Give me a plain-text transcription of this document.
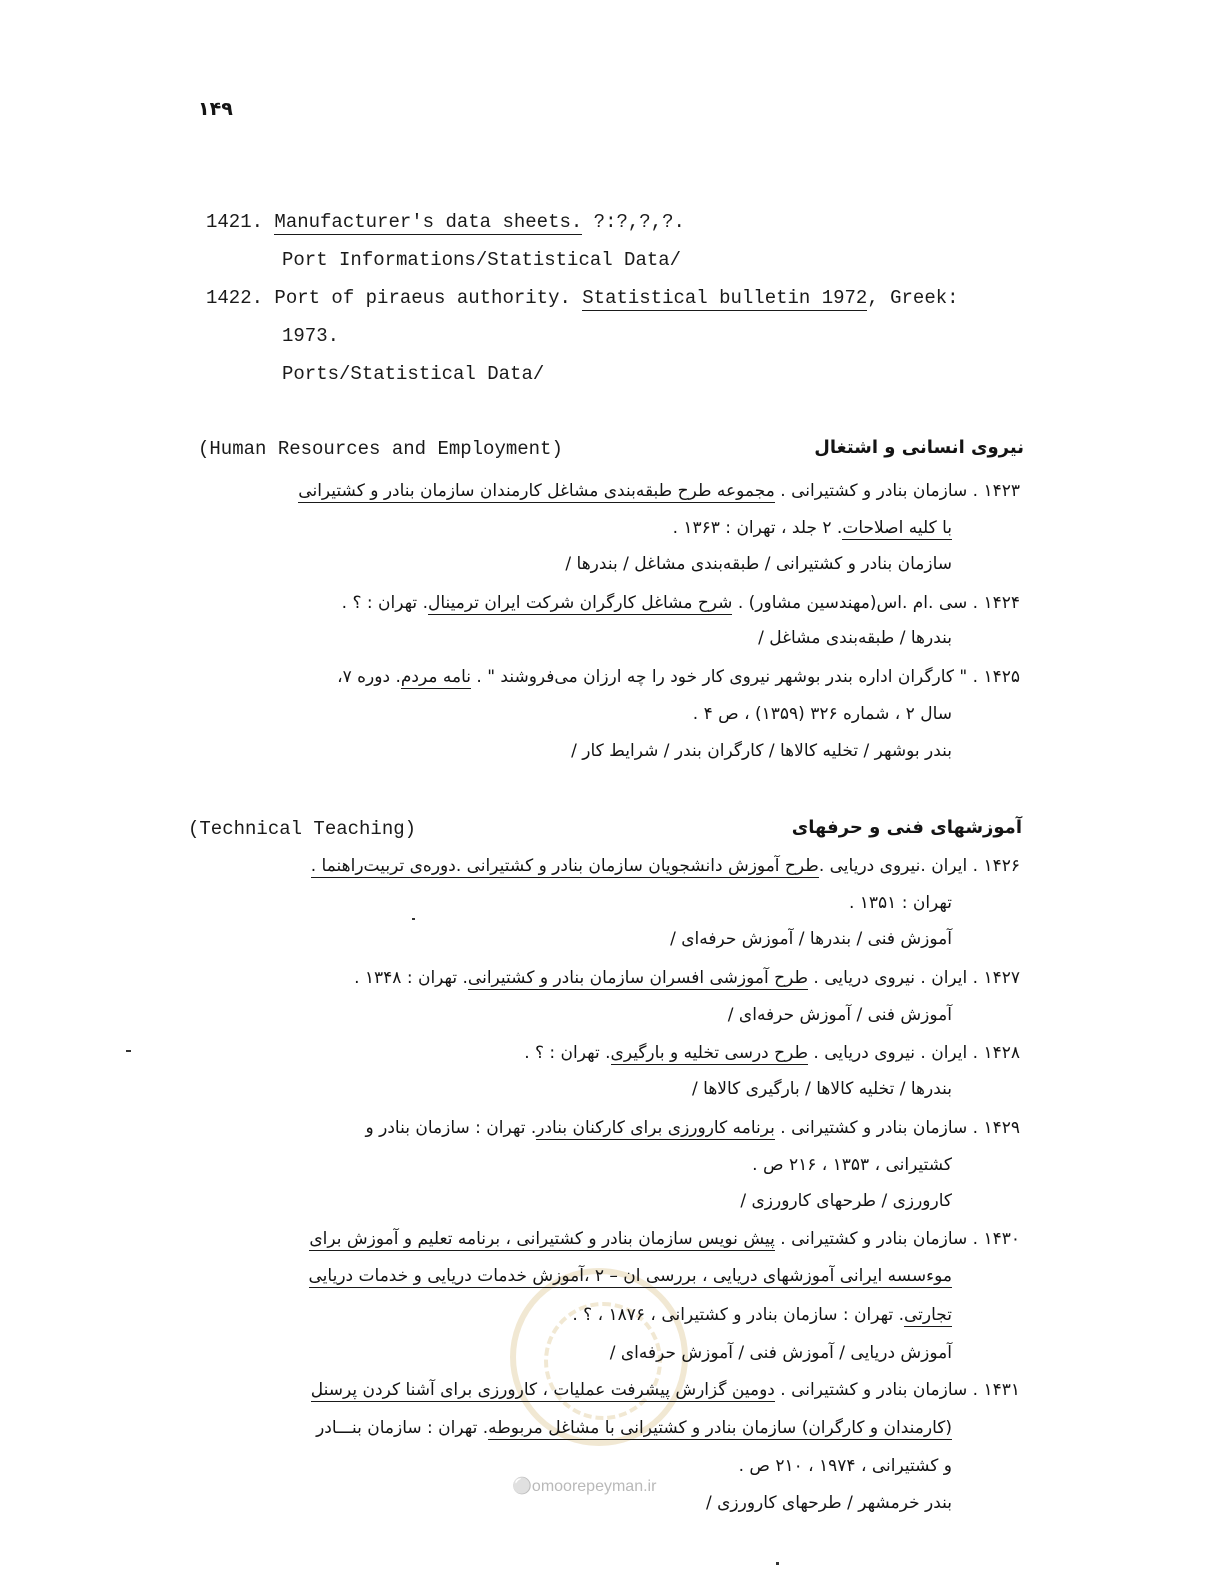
۱۴۹
1421. Manufacturer's data sheets. ?:?,?,?.
Port Informations/Statistical Data/
1422. Port of piraeus authority. Statistical bulletin 1972, Greek:
1973.
Ports/Statistical Data/
(Human Resources and Employment)	نیروی انسانی و اشتغال
۱۴۲۳ . سازمان بنادر و کشتیرانی . مجموعه طرح طبقه‌بندی مشاغل کارمندان سازمان بنادر و کشتیرانی
با کلیه اصلاحات. ۲ جلد ، تهران : ۱۳۶۳ .
سازمان بنادر و کشتیرانی / طبقه‌بندی مشاغل / بندرها /
۱۴۲۴ . سی .ام .اس(مهندسین مشاور) . شرح مشاغل کارگران شرکت ایران ترمینال. تهران : ؟ .
بندرها / طبقه‌بندی مشاغل /
۱۴۲۵ . " کارگران اداره بندر بوشهر نیروی کار خود را چه ارزان می‌فروشند " . نامه مردم. دوره ۷،
سال ۲ ، شماره ۳۲۶ (۱۳۵۹) ، ص ۴ .
بندر بوشهر / تخلیه کالاها / کارگران بندر / شرایط کار /
(Technical Teaching)	آموزشهای فنی و حرفهای
۱۴۲۶ . ایران .نیروی دریایی .طرح آموزش دانشجویان سازمان بنادر و کشتیرانی .دوره‌ی تربیت‌راهنما .
تهران : ۱۳۵۱ .
آموزش فنی / بندرها / آموزش حرفه‌ای /
۱۴۲۷ . ایران . نیروی دریایی . طرح آموزشی افسران سازمان بنادر و کشتیرانی. تهران : ۱۳۴۸ .
آموزش فنی / آموزش حرفه‌ای /
۱۴۲۸ . ایران . نیروی دریایی . طرح درسی تخلیه و بارگیری. تهران : ؟ .
بندرها / تخلیه کالاها / بارگیری کالاها /
۱۴۲۹ . سازمان بنادر و کشتیرانی . برنامه کارورزی برای کارکنان بنادر. تهران : سازمان بنادر و
کشتیرانی ، ۱۳۵۳ ، ۲۱۶ ص .
کارورزی / طرحهای کارورزی /
۱۴۳۰ . سازمان بنادر و کشتیرانی . پیش نویس سازمان بنادر و کشتیرانی ، برنامه تعلیم و آموزش برای
موءسسه ایرانی آموزشهای دریایی ، بررسی ان – ۲ ،آموزش خدمات دریایی و خدمات دریایی
تجارتی. تهران : سازمان بنادر و کشتیرانی ، ۱۸۷۶ ، ؟ .
آموزش دریایی / آموزش فنی / آموزش حرفه‌ای /
۱۴۳۱ . سازمان بنادر و کشتیرانی . دومین گزارش پیشرفت عملیات ، کارورزی برای آشنا کردن پرسنل
(کارمندان و کارگران) سازمان بنادر و کشتیرانی با مشاغل مربوطه. تهران : سازمان بنـــادر
و کشتیرانی ، ۱۹۷۴ ، ۲۱۰ ص .
بندر خرمشهر / طرحهای کارورزی /
⚪omoorepeyman.ir
